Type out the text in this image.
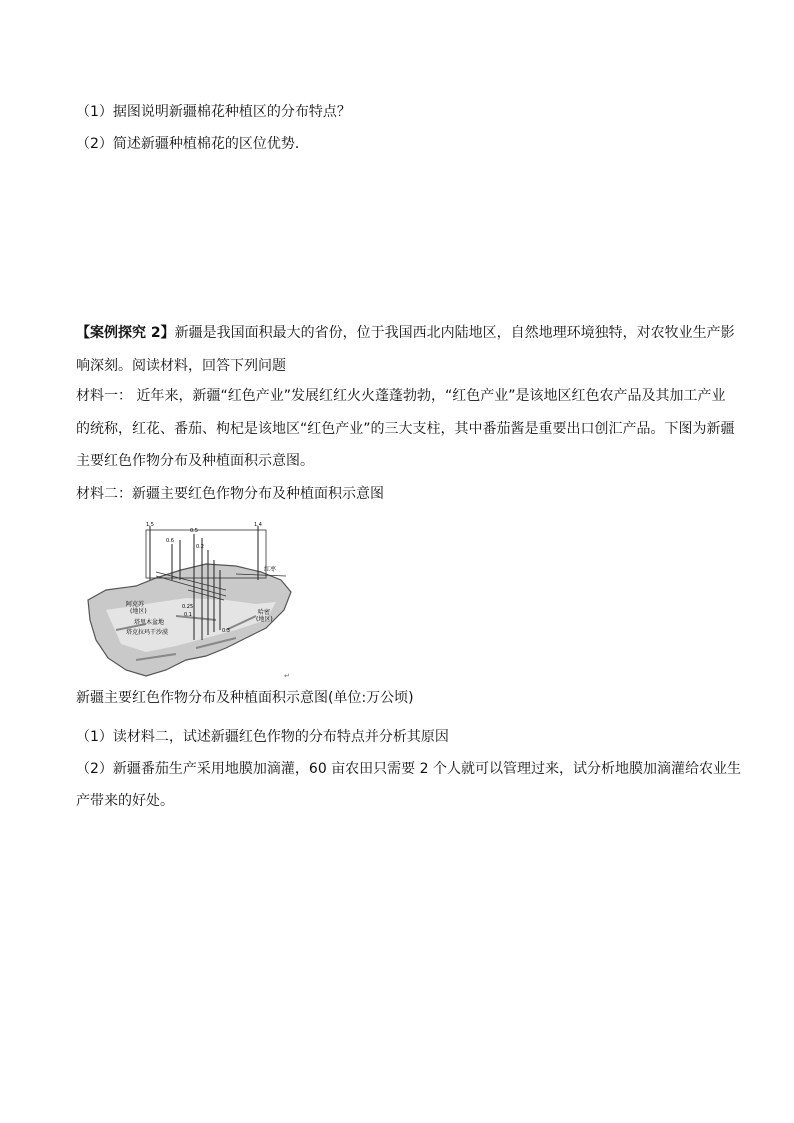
（1）据图说明新疆棉花种植区的分布特点？
（2）简述新疆种植棉花的区位优势．
【案例探究 2】新疆是我国面积最大的省份，位于我国西北内陆地区，自然地理环境独特，对农牧业生产影
响深刻。阅读材料，回答下列问题
材料一： 近年来，新疆“红色产业”发展红红火火蓬蓬勃勃，“红色产业”是该地区红色农产品及其加工产业
的统称，红花、番茄、枸杞是该地区“红色产业”的三大支柱，其中番茄酱是重要出口创汇产品。下图为新疆
主要红色作物分布及种植面积示意图。
材料二：新疆主要红色作物分布及种植面积示意图
1.5	1.4
0.6
0.5
0.2
0.25
0.3
0.1
阿克苏
(地区)
塔里木盆地
塔克拉玛干沙漠
哈密
(地区)
红枣
↵
新疆主要红色作物分布及种植面积示意图(单位:万公顷)
（1）读材料二，试述新疆红色作物的分布特点并分析其原因
（2）新疆番茄生产采用地膜加滴灌，60 亩农田只需要 2 个人就可以管理过来，试分析地膜加滴灌给农业生
产带来的好处。
